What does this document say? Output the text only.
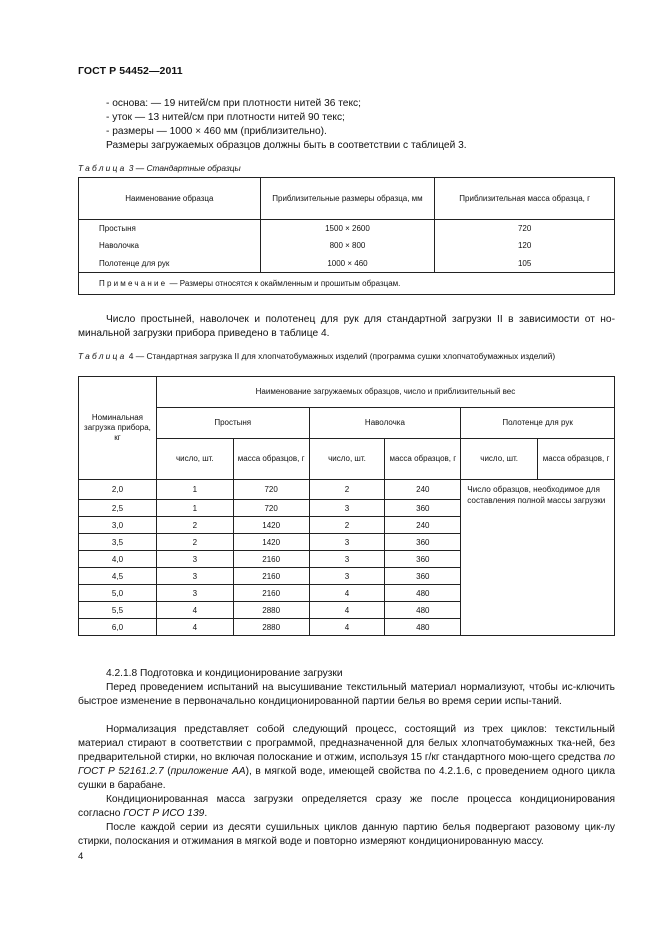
ГОСТ Р 54452—2011
- основа: — 19 нитей/см при плотности нитей 36 текс;
- уток — 13 нитей/см при плотности нитей 90 текс;
- размеры — 1000 × 460 мм (приблизительно).
Размеры загружаемых образцов должны быть в соответствии с таблицей 3.
Таблица 3 — Стандартные образцы
Наименование образца	Приблизительные размеры образца, мм	Приблизительная масса образца, г
Простыня	1500 × 2600	720
Наволочка	800 × 800	120
Полотенце для рук	1000 × 460	105
Примечание — Размеры относятся к окаймленным и прошитым образцам.		
Число простыней, наволочек и полотенец для рук для стандартной загрузки II в зависимости от но-
минальной загрузки прибора приведено в таблице 4.
Таблица 4 — Стандартная загрузка II для хлопчатобумажных изделий (программа сушки хлопчатобумажных изделий)
Номинальная загрузка прибора, кг	Наименование загружаемых образцов, число и приблизительный вес					
	Простыня		Наволочка		Полотенце для рук	
	число, шт.	масса образцов, г	число, шт.	масса образцов, г	число, шт.	масса образцов, г
2,0	1	720	2	240	Число образцов, необходимое для составления полной массы загрузки	
2,5	1	720	3	360		
3,0	2	1420	2	240		
3,5	2	1420	3	360		
4,0	3	2160	3	360		
4,5	3	2160	3	360		
5,0	3	2160	4	480		
5,5	4	2880	4	480		
6,0	4	2880	4	480		
4.2.1.8 Подготовка и кондиционирование загрузки
Перед проведением испытаний на высушивание текстильный материал нормализуют, чтобы ис-ключить быстрое изменение в первоначально кондиционированной партии белья во время серии испы-таний.
Нормализация представляет собой следующий процесс, состоящий из трех циклов: текстильный материал стирают в соответствии с программой, предназначенной для белых хлопчатобумажных тка-ней, без предварительной стирки, но включая полоскание и отжим, используя 15 г/кг стандартного мою-щего средства по ГОСТ Р 52161.2.7 (приложение АА), в мягкой воде, имеющей свойства по 4.2.1.6, с проведением одного цикла сушки в барабане.
Кондиционированная масса загрузки определяется сразу же после процесса кондиционирования согласно ГОСТ Р ИСО 139.
После каждой серии из десяти сушильных циклов данную партию белья подвергают разовому цик-лу стирки, полоскания и отжимания в мягкой воде и повторно измеряют кондиционированную массу.
4
